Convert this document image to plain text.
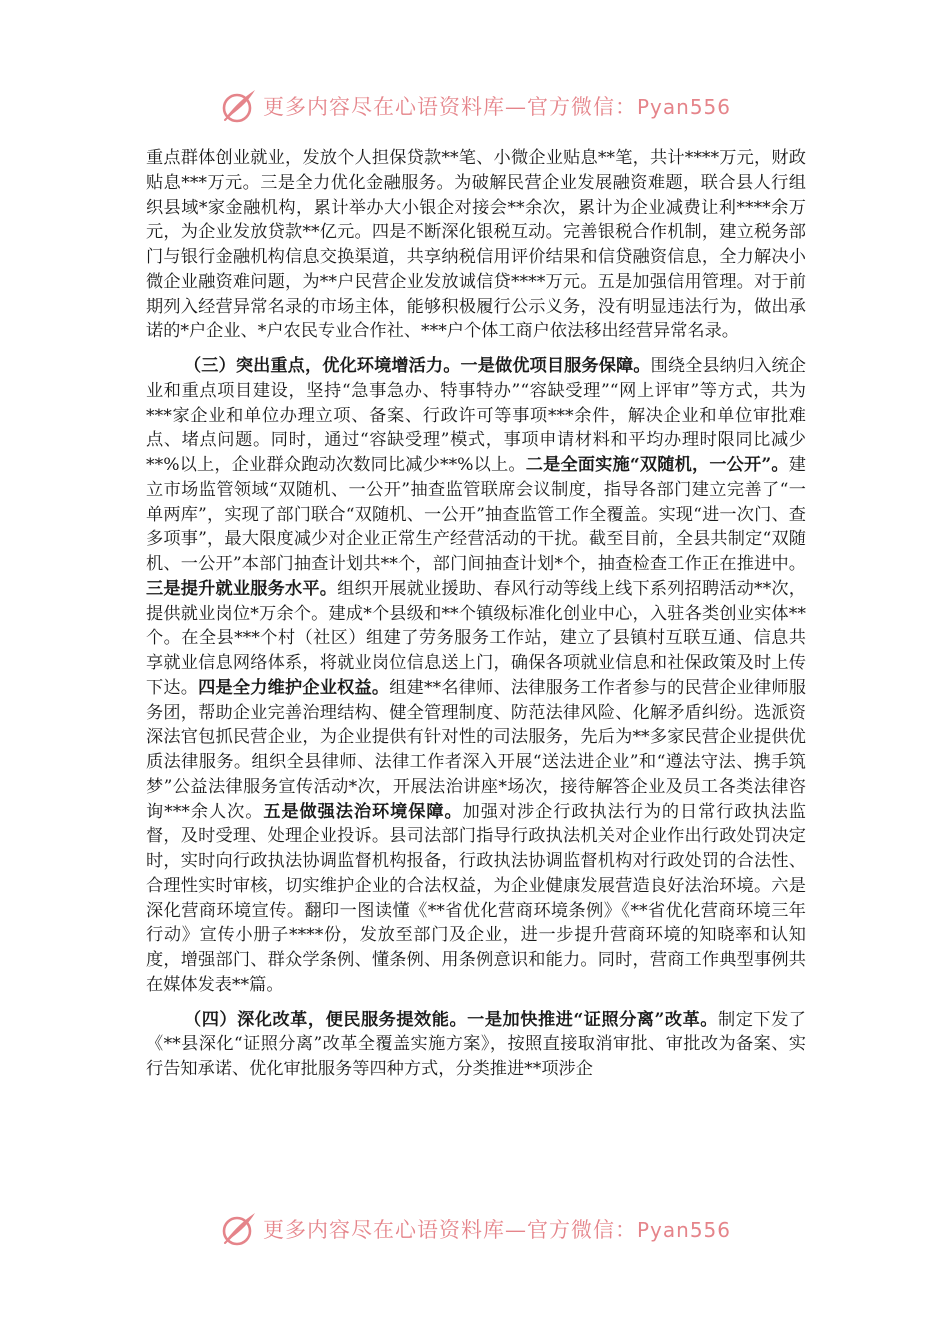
更多内容尽在心语资料库—官方微信：Pyan556

重点群体创业就业，发放个人担保贷款**笔、小微企业贴息**笔，共计****万元，财政贴息***万元。三是全力优化金融服务。为破解民营企业发展融资难题，联合县人行组织县域*家金融机构，累计举办大小银企对接会**余次，累计为企业减费让利****余万元，为企业发放贷款**亿元。四是不断深化银税互动。完善银税合作机制，建立税务部门与银行金融机构信息交换渠道，共享纳税信用评价结果和信贷融资信息，全力解决小微企业融资难问题，为**户民营企业发放诚信贷****万元。五是加强信用管理。对于前期列入经营异常名录的市场主体，能够积极履行公示义务，没有明显违法行为，做出承诺的*户企业、*户农民专业合作社、***户个体工商户依法移出经营异常名录。

（三）突出重点，优化环境增活力。一是做优项目服务保障。围绕全县纳归入统企业和重点项目建设，坚持“急事急办、特事特办”“容缺受理”“网上评审”等方式，共为***家企业和单位办理立项、备案、行政许可等事项***余件，解决企业和单位审批难点、堵点问题。同时，通过“容缺受理”模式，事项申请材料和平均办理时限同比减少**%以上，企业群众跑动次数同比减少**%以上。二是全面实施“双随机，一公开”。建立市场监管领域“双随机、一公开”抽查监管联席会议制度，指导各部门建立完善了“一单两库”，实现了部门联合“双随机、一公开”抽查监管工作全覆盖。实现“进一次门、查多项事”，最大限度减少对企业正常生产经营活动的干扰。截至目前，全县共制定“双随机、一公开”本部门抽查计划共**个，部门间抽查计划*个，抽查检查工作正在推进中。三是提升就业服务水平。组织开展就业援助、春风行动等线上线下系列招聘活动**次，提供就业岗位*万余个。建成*个县级和**个镇级标准化创业中心，入驻各类创业实体**个。在全县***个村（社区）组建了劳务服务工作站，建立了县镇村互联互通、信息共享就业信息网络体系，将就业岗位信息送上门，确保各项就业信息和社保政策及时上传下达。四是全力维护企业权益。组建**名律师、法律服务工作者参与的民营企业律师服务团，帮助企业完善治理结构、健全管理制度、防范法律风险、化解矛盾纠纷。选派资深法官包抓民营企业，为企业提供有针对性的司法服务，先后为**多家民营企业提供优质法律服务。组织全县律师、法律工作者深入开展“送法进企业”和“遵法守法、携手筑梦”公益法律服务宣传活动*次，开展法治讲座*场次，接待解答企业及员工各类法律咨询***余人次。五是做强法治环境保障。加强对涉企行政执法行为的日常行政执法监督，及时受理、处理企业投诉。县司法部门指导行政执法机关对企业作出行政处罚决定时，实时向行政执法协调监督机构报备，行政执法协调监督机构对行政处罚的合法性、合理性实时审核，切实维护企业的合法权益，为企业健康发展营造良好法治环境。六是深化营商环境宣传。翻印一图读懂《**省优化营商环境条例》《**省优化营商环境三年行动》宣传小册子****份，发放至部门及企业，进一步提升营商环境的知晓率和认知度，增强部门、群众学条例、懂条例、用条例意识和能力。同时，营商工作典型事例共在媒体发表**篇。

（四）深化改革，便民服务提效能。一是加快推进“证照分离”改革。制定下发了《**县深化“证照分离”改革全覆盖实施方案》，按照直接取消审批、审批改为备案、实行告知承诺、优化审批服务等四种方式，分类推进**项涉企

更多内容尽在心语资料库—官方微信：Pyan556
